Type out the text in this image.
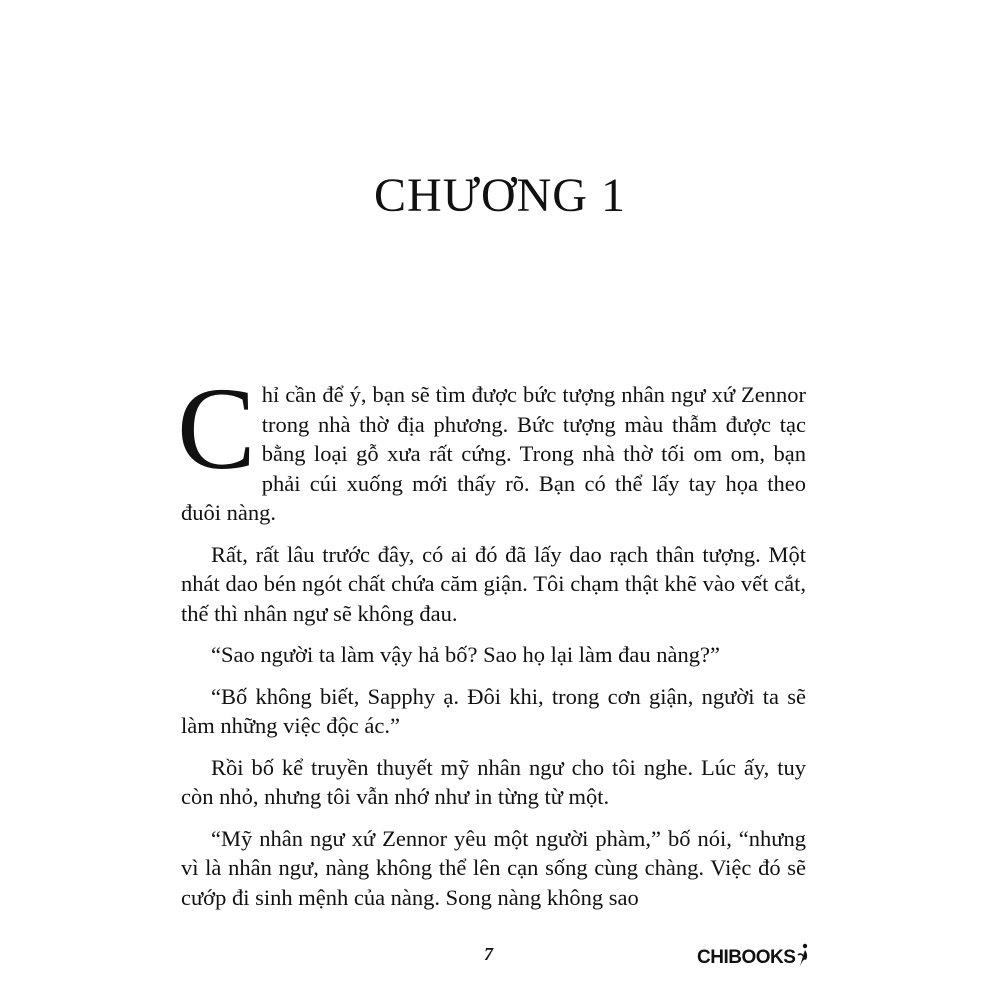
CHƯƠNG 1

Chỉ cần để ý, bạn sẽ tìm được bức tượng nhân ngư xứ Zennor trong nhà thờ địa phương. Bức tượng màu thẫm được tạc bằng loại gỗ xưa rất cứng. Trong nhà thờ tối om om, bạn phải cúi xuống mới thấy rõ. Bạn có thể lấy tay họa theo đuôi nàng.

Rất, rất lâu trước đây, có ai đó đã lấy dao rạch thân tượng. Một nhát dao bén ngót chất chứa căm giận. Tôi chạm thật khẽ vào vết cắt, thế thì nhân ngư sẽ không đau.

“Sao người ta làm vậy hả bố? Sao họ lại làm đau nàng?”

“Bố không biết, Sapphy ạ. Đôi khi, trong cơn giận, người ta sẽ làm những việc độc ác.”

Rồi bố kể truyền thuyết mỹ nhân ngư cho tôi nghe. Lúc ấy, tuy còn nhỏ, nhưng tôi vẫn nhớ như in từng từ một.

“Mỹ nhân ngư xứ Zennor yêu một người phàm,” bố nói, “nhưng vì là nhân ngư, nàng không thể lên cạn sống cùng chàng. Việc đó sẽ cướp đi sinh mệnh của nàng. Song nàng không sao

7	CHIBOOKS
